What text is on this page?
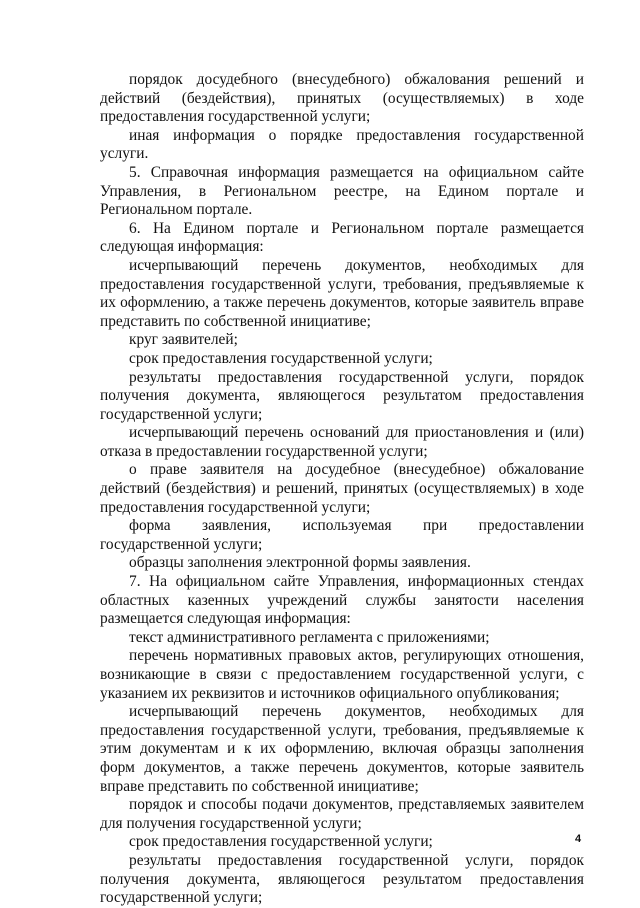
порядок досудебного (внесудебного) обжалования решений и действий (бездействия), принятых (осуществляемых) в ходе предоставления государственной услуги;

иная информация о порядке предоставления государственной услуги.

5. Справочная информация размещается на официальном сайте Управления, в Региональном реестре, на Едином портале и Региональном портале.

6. На Едином портале и Региональном портале размещается следующая информация:

исчерпывающий перечень документов, необходимых для предоставления государственной услуги, требования, предъявляемые к их оформлению, а также перечень документов, которые заявитель вправе представить по собственной инициативе;

круг заявителей;

срок предоставления государственной услуги;

результаты предоставления государственной услуги, порядок получения документа, являющегося результатом предоставления государственной услуги;

исчерпывающий перечень оснований для приостановления и (или) отказа в предоставлении государственной услуги;

о праве заявителя на досудебное (внесудебное) обжалование действий (бездействия) и решений, принятых (осуществляемых) в ходе предоставления государственной услуги;

форма заявления, используемая при предоставлении государственной услуги;

образцы заполнения электронной формы заявления.

7. На официальном сайте Управления, информационных стендах областных казенных учреждений службы занятости населения размещается следующая информация:

текст административного регламента с приложениями;

перечень нормативных правовых актов, регулирующих отношения, возникающие в связи с предоставлением государственной услуги, с указанием их реквизитов и источников официального опубликования;

исчерпывающий перечень документов, необходимых для предоставления государственной услуги, требования, предъявляемые к этим документам и к их оформлению, включая образцы заполнения форм документов, а также перечень документов, которые заявитель вправе представить по собственной инициативе;

порядок и способы подачи документов, представляемых заявителем для получения государственной услуги;

срок предоставления государственной услуги;

результаты предоставления государственной услуги, порядок получения документа, являющегося результатом предоставления государственной услуги;

4
